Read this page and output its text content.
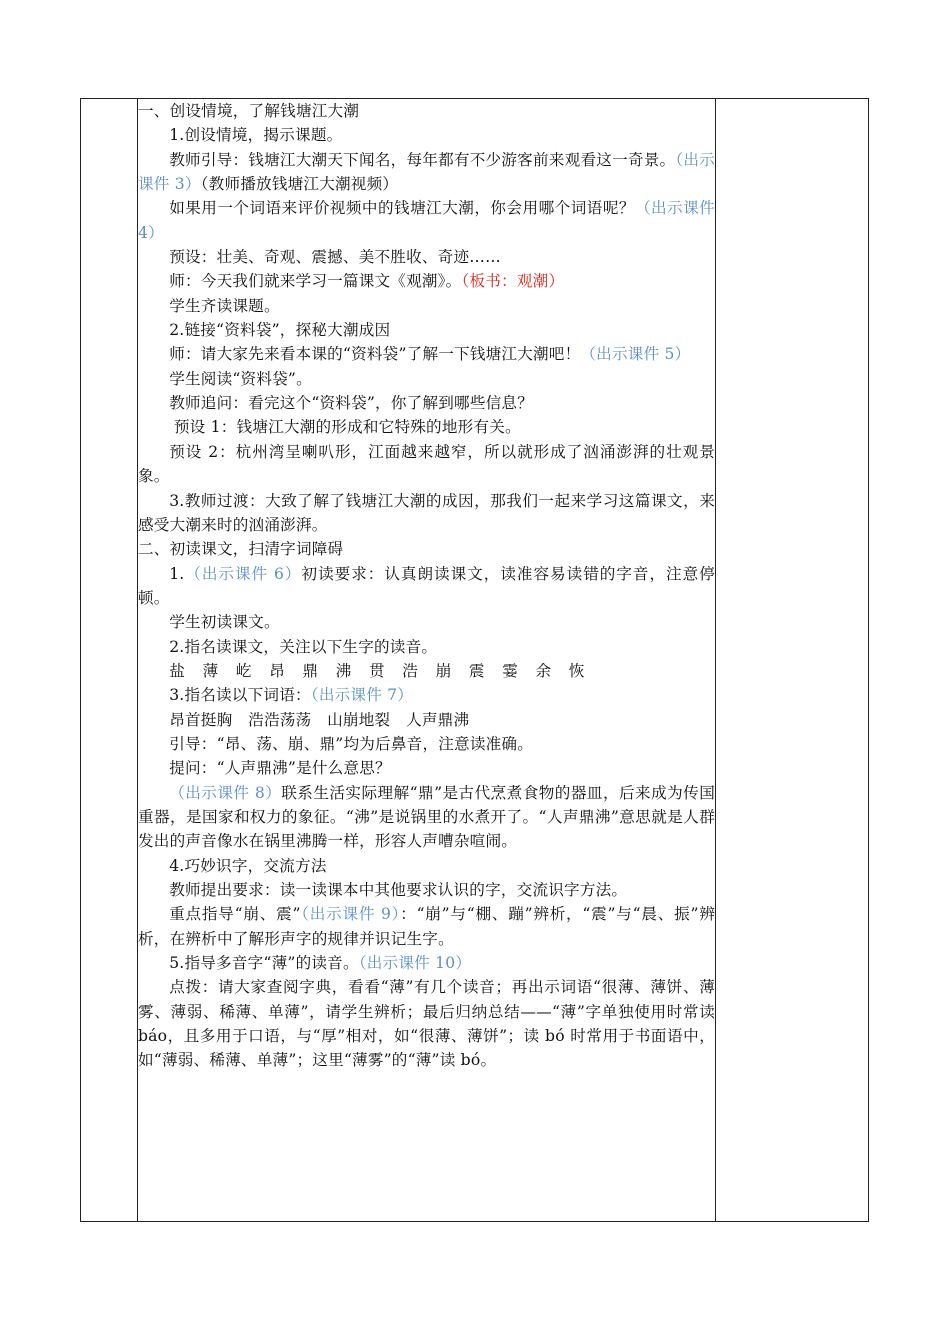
一、创设情境，了解钱塘江大潮

1.创设情境，揭示课题。

教师引导：钱塘江大潮天下闻名，每年都有不少游客前来观看这一奇景。（出示课件 3）（教师播放钱塘江大潮视频）

如果用一个词语来评价视频中的钱塘江大潮，你会用哪个词语呢？（出示课件 4）

预设：壮美、奇观、震撼、美不胜收、奇迹……

师：今天我们就来学习一篇课文《观潮》。（板书：观潮）

学生齐读课题。

2.链接“资料袋”，探秘大潮成因

师：请大家先来看本课的“资料袋”了解一下钱塘江大潮吧！（出示课件 5）

学生阅读“资料袋”。

教师追问：看完这个“资料袋”，你了解到哪些信息？

预设 1：钱塘江大潮的形成和它特殊的地形有关。

预设 2：杭州湾呈喇叭形，江面越来越窄，所以就形成了汹涌澎湃的壮观景象。

3.教师过渡：大致了解了钱塘江大潮的成因，那我们一起来学习这篇课文，来感受大潮来时的汹涌澎湃。

二、初读课文，扫清字词障碍

1.（出示课件 6）初读要求：认真朗读课文，读准容易读错的字音，注意停顿。

学生初读课文。

2.指名读课文，关注以下生字的读音。

盐 薄 屹 昂 鼎 沸 贯 浩 崩 震 霎 余 恢

3.指名读以下词语：（出示课件 7）

昂首挺胸　浩浩荡荡　山崩地裂　人声鼎沸

引导：“昂、荡、崩、鼎”均为后鼻音，注意读准确。

提问：“人声鼎沸”是什么意思？

（出示课件 8）联系生活实际理解“鼎”是古代烹煮食物的器皿，后来成为传国重器，是国家和权力的象征。“沸”是说锅里的水煮开了。“人声鼎沸”意思就是人群发出的声音像水在锅里沸腾一样，形容人声嘈杂喧闹。

4.巧妙识字，交流方法

教师提出要求：读一读课本中其他要求认识的字，交流识字方法。

重点指导“崩、震”（出示课件 9）：“崩”与“棚、蹦”辨析，“震”与“晨、振”辨析，在辨析中了解形声字的规律并识记生字。

5.指导多音字“薄”的读音。（出示课件 10）

点拨：请大家查阅字典，看看“薄”有几个读音；再出示词语“很薄、薄饼、薄雾、薄弱、稀薄、单薄”，请学生辨析；最后归纳总结——“薄”字单独使用时常读 báo，且多用于口语，与“厚”相对，如“很薄、薄饼”；读 bó 时常用于书面语中，如“薄弱、稀薄、单薄”；这里“薄雾”的“薄”读 bó。
